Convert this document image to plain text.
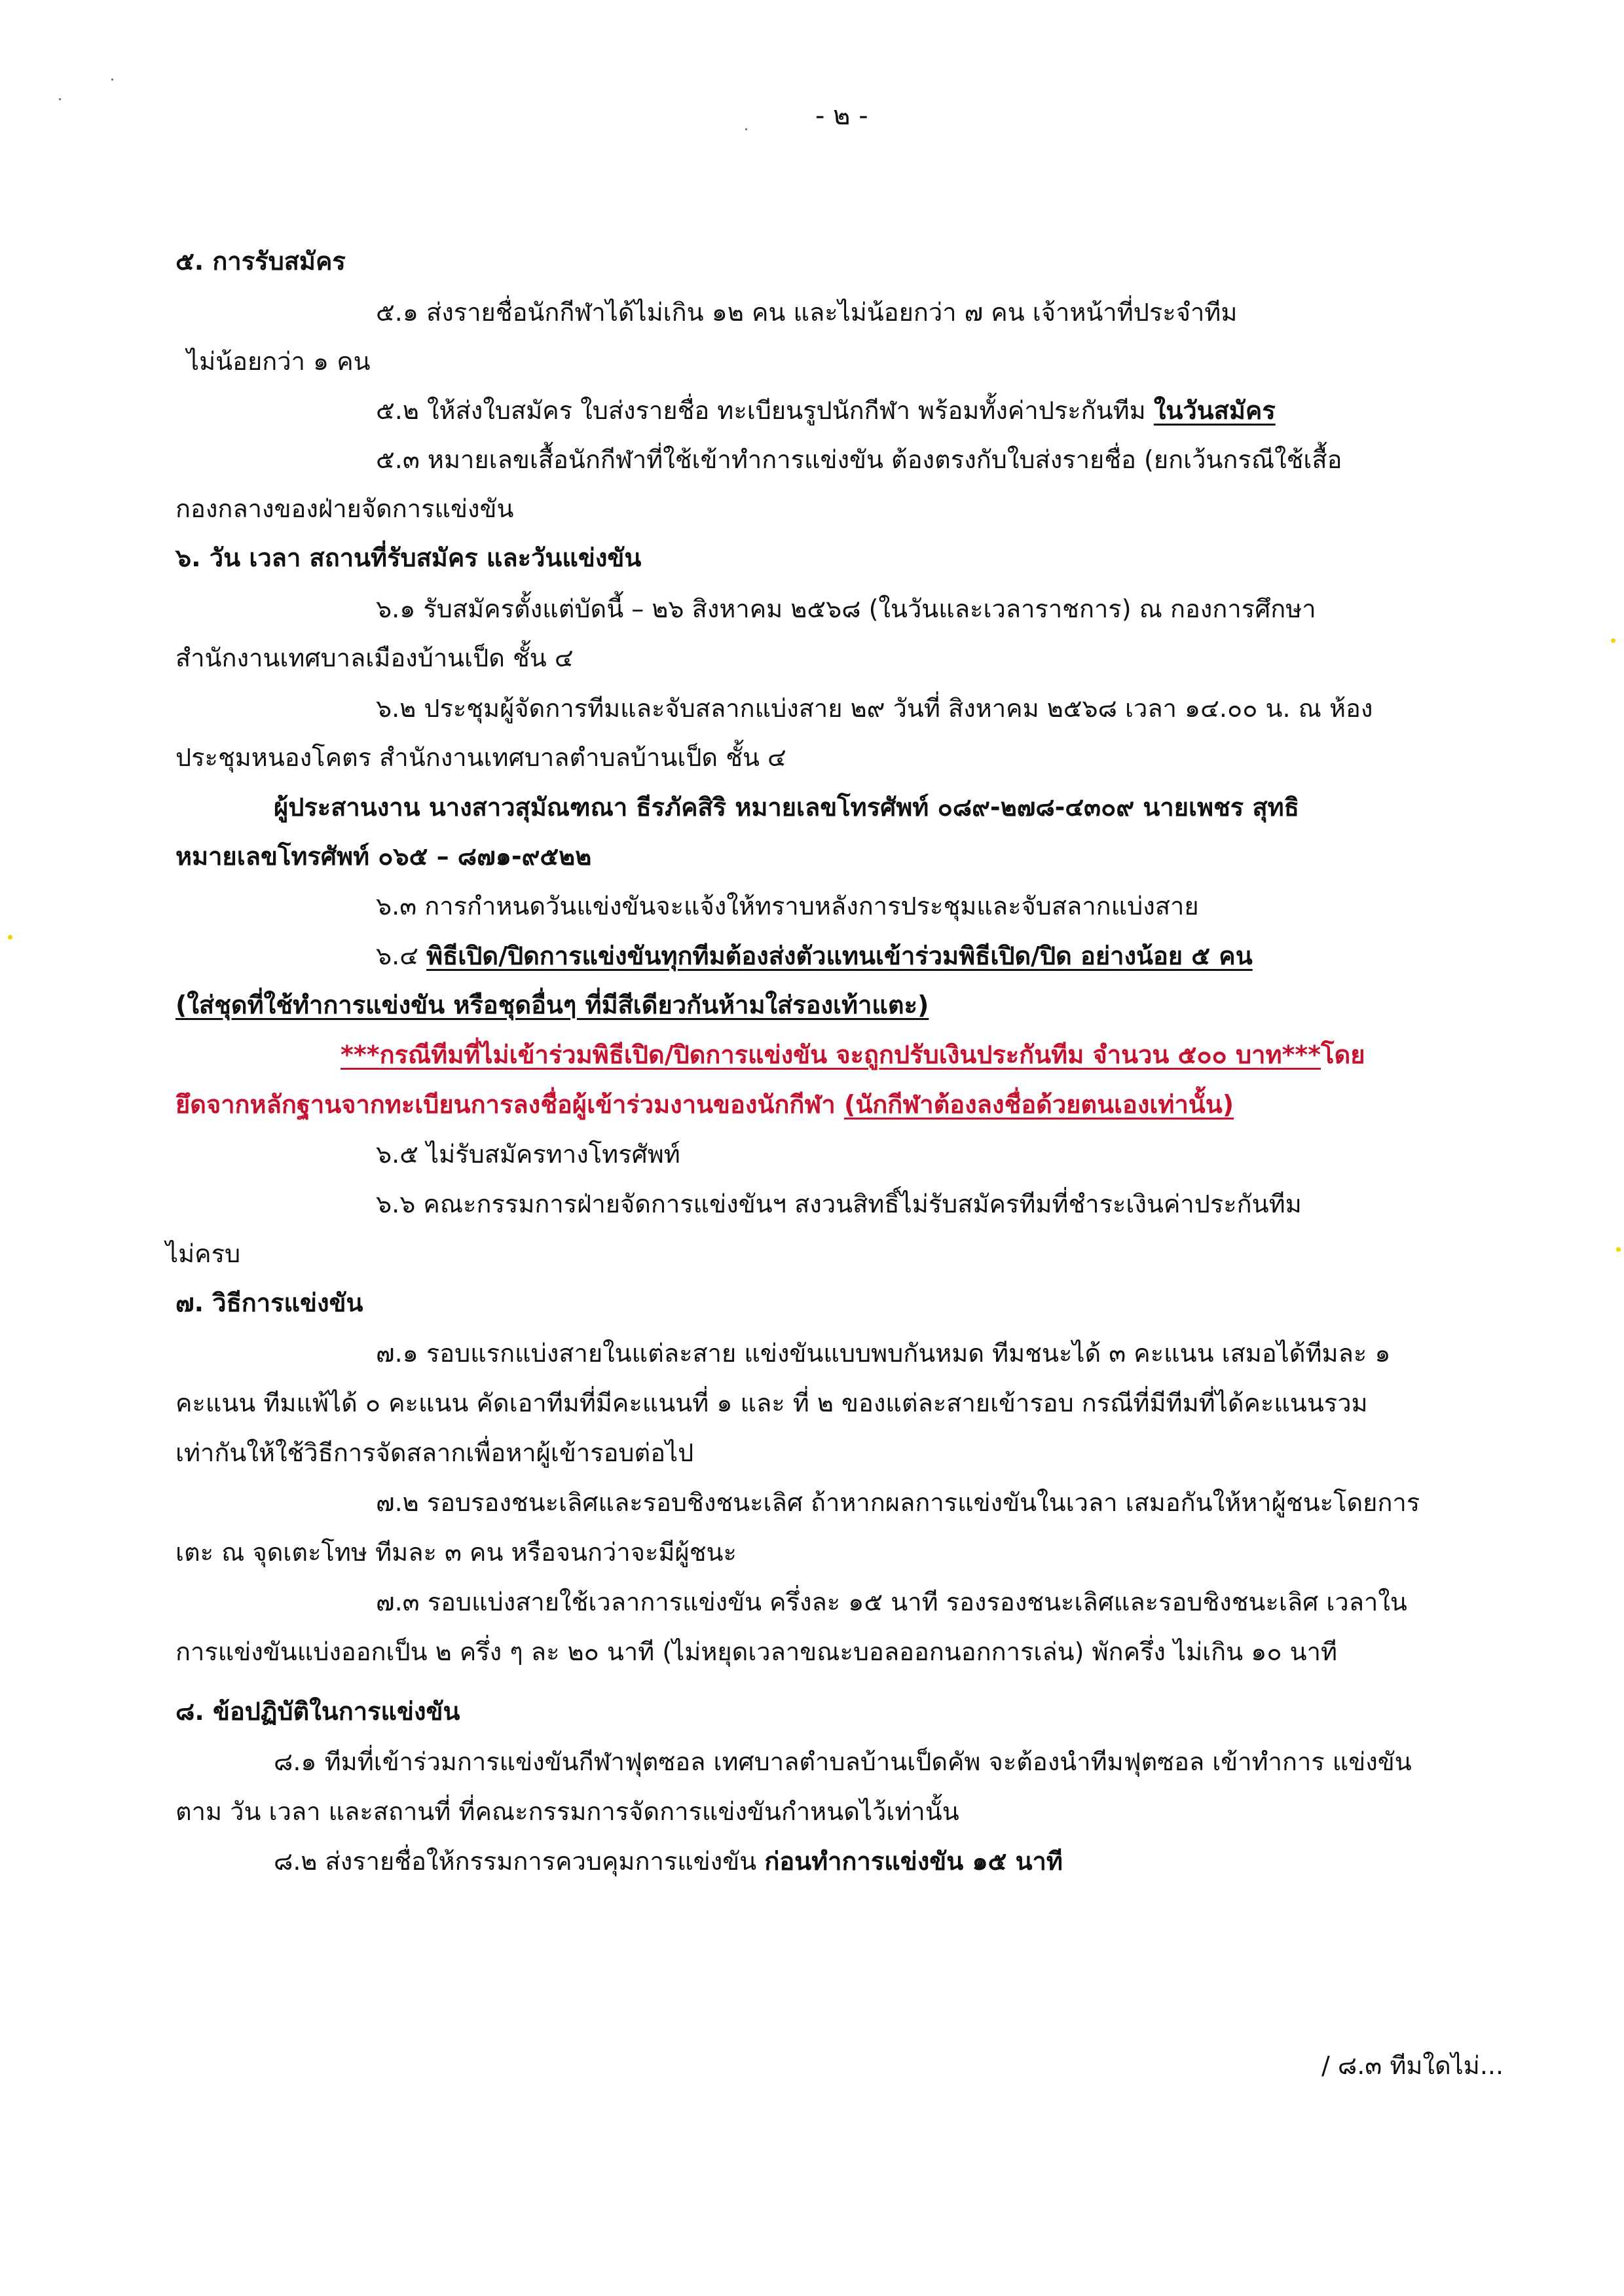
- ๒ -
๕. การรับสมัคร
๕.๑ ส่งรายชื่อนักกีฬาได้ไม่เกิน ๑๒ คน และไม่น้อยกว่า ๗ คน เจ้าหน้าที่ประจำทีม
ไม่น้อยกว่า ๑ คน
๕.๒ ให้ส่งใบสมัคร ใบส่งรายชื่อ ทะเบียนรูปนักกีฬา พร้อมทั้งค่าประกันทีม ในวันสมัคร
๕.๓ หมายเลขเสื้อนักกีฬาที่ใช้เข้าทำการแข่งขัน ต้องตรงกับใบส่งรายชื่อ (ยกเว้นกรณีใช้เสื้อ
กองกลางของฝ่ายจัดการแข่งขัน
๖. วัน เวลา สถานที่รับสมัคร และวันแข่งขัน
๖.๑ รับสมัครตั้งแต่บัดนี้ – ๒๖ สิงหาคม ๒๕๖๘ (ในวันและเวลาราชการ) ณ กองการศึกษา
สำนักงานเทศบาลเมืองบ้านเป็ด ชั้น ๔
๖.๒ ประชุมผู้จัดการทีมและจับสลากแบ่งสาย ๒๙ วันที่ สิงหาคม ๒๕๖๘ เวลา ๑๔.๐๐ น. ณ ห้อง
ประชุมหนองโคตร สำนักงานเทศบาลตำบลบ้านเป็ด ชั้น ๔
ผู้ประสานงาน นางสาวสุมัณฑณา ธีรภัคสิริ หมายเลขโทรศัพท์ ๐๘๙-๒๗๘-๔๓๐๙ นายเพชร สุทธิ
หมายเลขโทรศัพท์ ๐๖๕ – ๘๗๑-๙๕๒๒
๖.๓ การกำหนดวันแข่งขันจะแจ้งให้ทราบหลังการประชุมและจับสลากแบ่งสาย
๖.๔ พิธีเปิด/ปิดการแข่งขันทุกทีมต้องส่งตัวแทนเข้าร่วมพิธีเปิด/ปิด อย่างน้อย ๕ คน
(ใส่ชุดที่ใช้ทำการแข่งขัน หรือชุดอื่นๆ ที่มีสีเดียวกันห้ามใส่รองเท้าแตะ)
***กรณีทีมที่ไม่เข้าร่วมพิธีเปิด/ปิดการแข่งขัน จะถูกปรับเงินประกันทีม จำนวน ๕๐๐ บาท***โดย
ยึดจากหลักฐานจากทะเบียนการลงชื่อผู้เข้าร่วมงานของนักกีฬา (นักกีฬาต้องลงชื่อด้วยตนเองเท่านั้น)
๖.๕ ไม่รับสมัครทางโทรศัพท์
๖.๖ คณะกรรมการฝ่ายจัดการแข่งขันฯ สงวนสิทธิ์ไม่รับสมัครทีมที่ชำระเงินค่าประกันทีม
ไม่ครบ
๗. วิธีการแข่งขัน
๗.๑ รอบแรกแบ่งสายในแต่ละสาย แข่งขันแบบพบกันหมด ทีมชนะได้ ๓ คะแนน เสมอได้ทีมละ ๑
คะแนน ทีมแพ้ได้ ๐ คะแนน คัดเอาทีมที่มีคะแนนที่ ๑ และ ที่ ๒ ของแต่ละสายเข้ารอบ กรณีที่มีทีมที่ได้คะแนนรวม
เท่ากันให้ใช้วิธีการจัดสลากเพื่อหาผู้เข้ารอบต่อไป
๗.๒ รอบรองชนะเลิศและรอบชิงชนะเลิศ ถ้าหากผลการแข่งขันในเวลา เสมอกันให้หาผู้ชนะโดยการ
เตะ ณ จุดเตะโทษ ทีมละ ๓ คน หรือจนกว่าจะมีผู้ชนะ
๗.๓ รอบแบ่งสายใช้เวลาการแข่งขัน ครึ่งละ ๑๕ นาที รองรองชนะเลิศและรอบชิงชนะเลิศ เวลาใน
การแข่งขันแบ่งออกเป็น ๒ ครึ่ง ๆ ละ ๒๐ นาที (ไม่หยุดเวลาขณะบอลออกนอกการเล่น) พักครึ่ง ไม่เกิน ๑๐ นาที
๘. ข้อปฏิบัติในการแข่งขัน
๘.๑ ทีมที่เข้าร่วมการแข่งขันกีฬาฟุตซอล เทศบาลตำบลบ้านเป็ดคัพ จะต้องนำทีมฟุตซอล เข้าทำการ แข่งขัน
ตาม วัน เวลา และสถานที่ ที่คณะกรรมการจัดการแข่งขันกำหนดไว้เท่านั้น
๘.๒ ส่งรายชื่อให้กรรมการควบคุมการแข่งขัน ก่อนทำการแข่งขัน ๑๕ นาที
/ ๘.๓ ทีมใดไม่...
